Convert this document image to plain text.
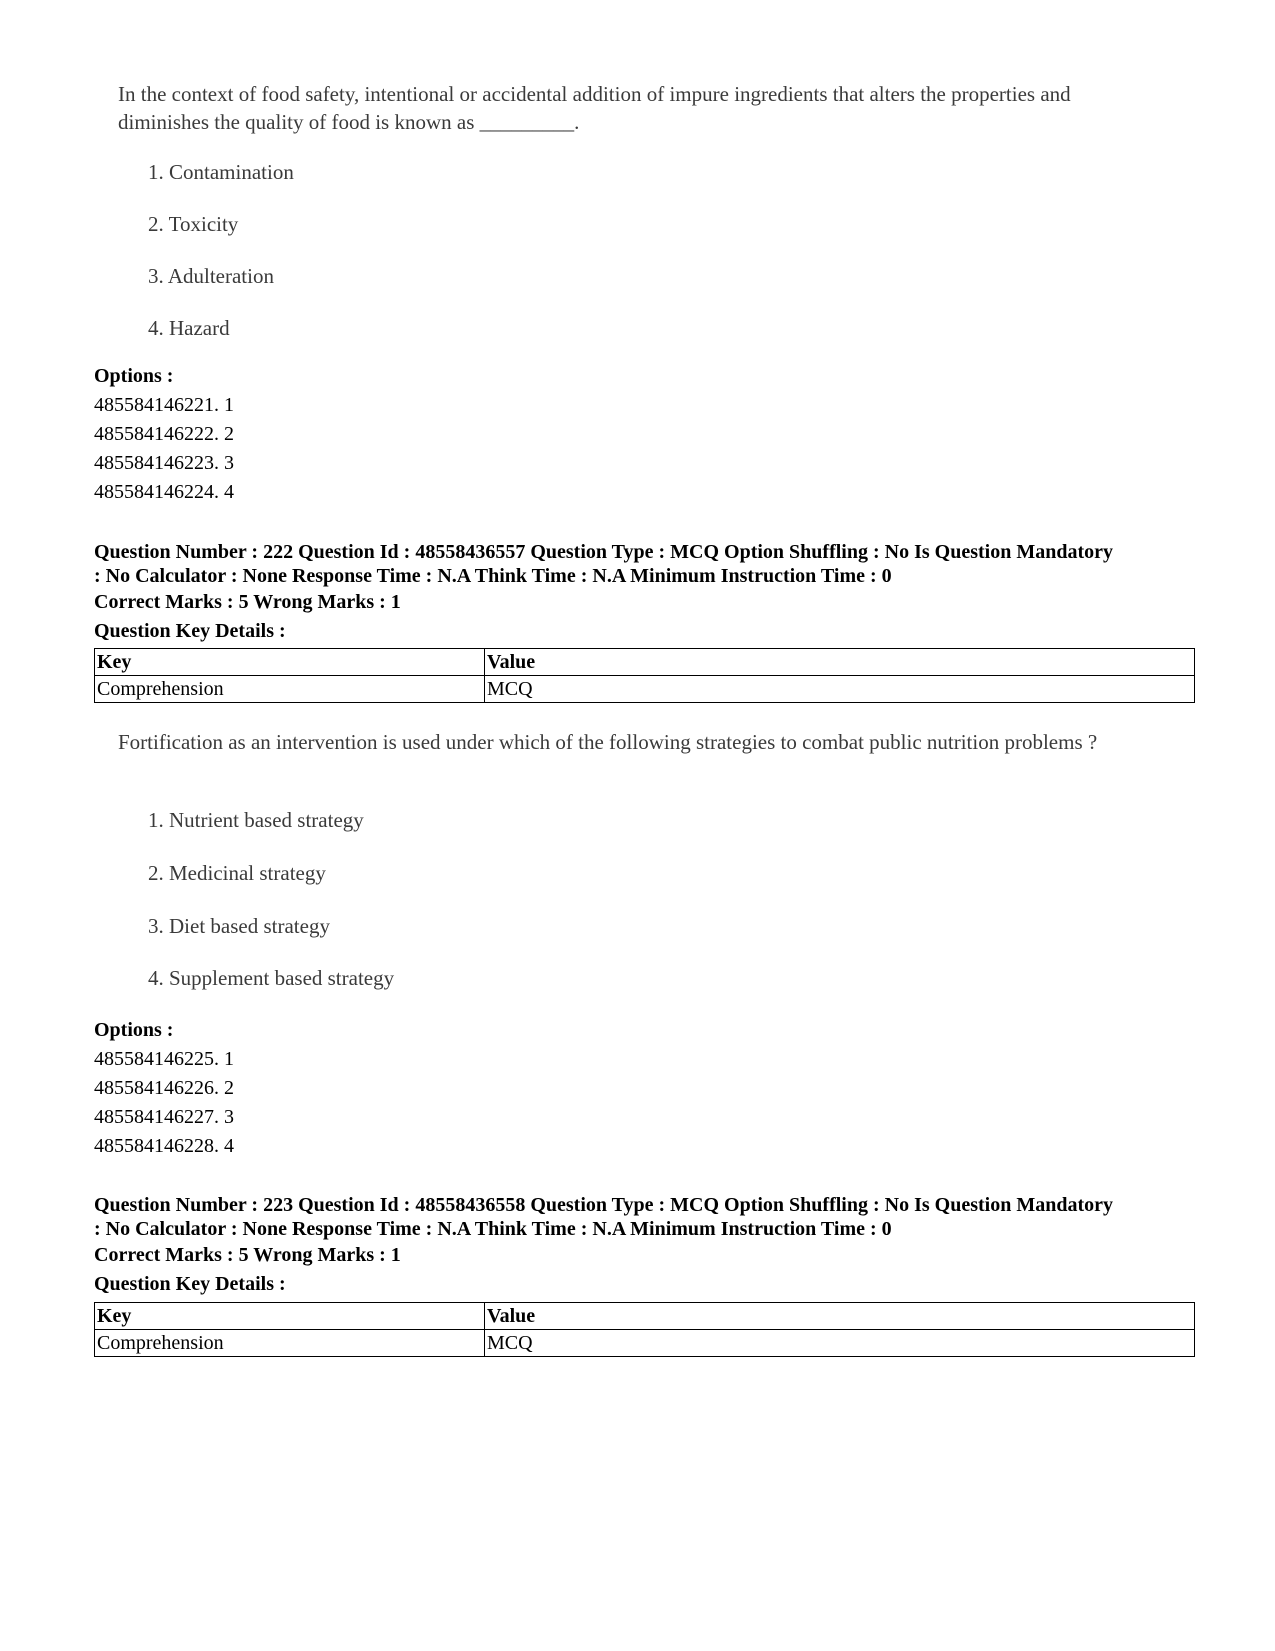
In the context of food safety, intentional or accidental addition of impure ingredients that alters the properties and diminishes the quality of food is known as _________.

1. Contamination
2. Toxicity
3. Adulteration
4. Hazard
Options :
485584146221. 1
485584146222. 2
485584146223. 3
485584146224. 4
Question Number : 222 Question Id : 48558436557 Question Type : MCQ Option Shuffling : No Is Question Mandatory
: No Calculator : None Response Time : N.A Think Time : N.A Minimum Instruction Time : 0
Correct Marks : 5 Wrong Marks : 1
Question Key Details :
Key	Value
Comprehension	MCQ

Fortification as an intervention is used under which of the following strategies to combat public nutrition problems ?

1. Nutrient based strategy
2. Medicinal strategy
3. Diet based strategy
4. Supplement based strategy
Options :
485584146225. 1
485584146226. 2
485584146227. 3
485584146228. 4
Question Number : 223 Question Id : 48558436558 Question Type : MCQ Option Shuffling : No Is Question Mandatory
: No Calculator : None Response Time : N.A Think Time : N.A Minimum Instruction Time : 0
Correct Marks : 5 Wrong Marks : 1
Question Key Details :
Key	Value
Comprehension	MCQ
